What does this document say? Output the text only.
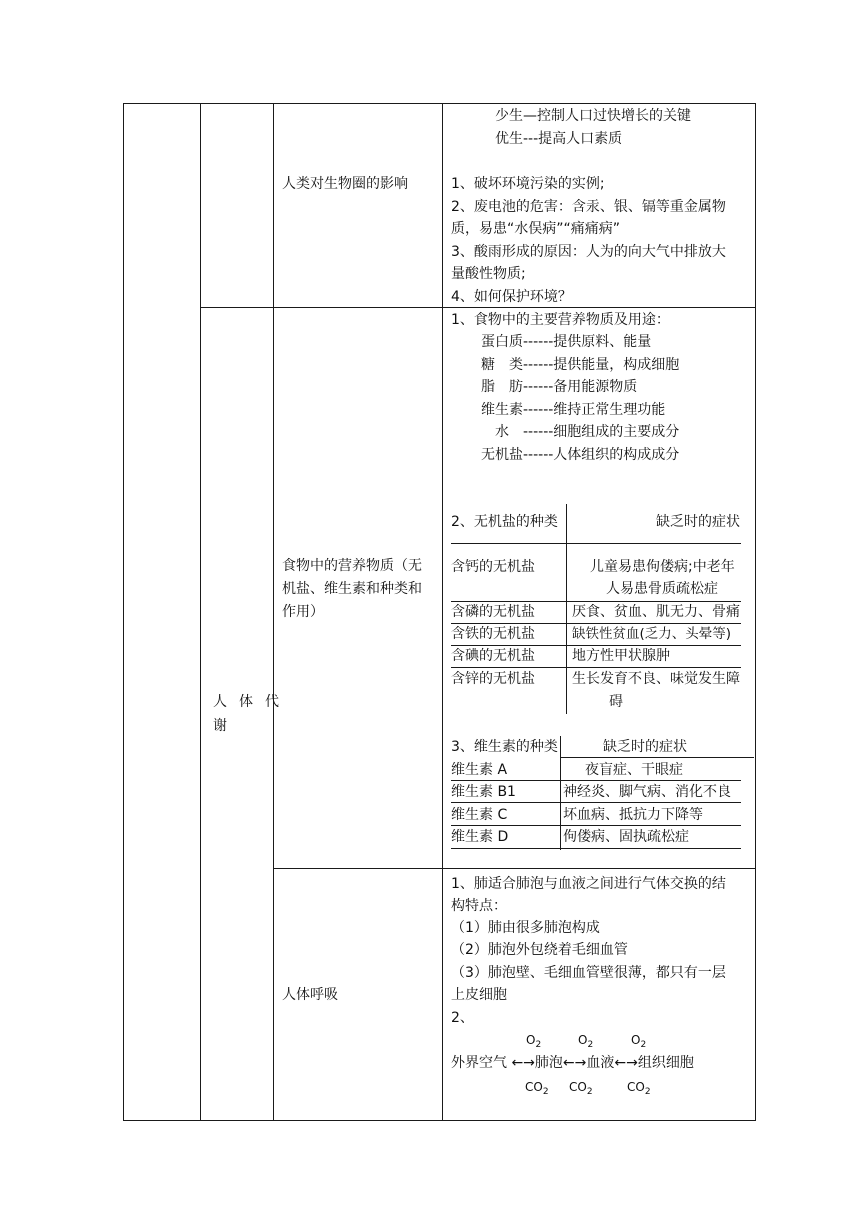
人体代
谢
人类对生物圈的影响
少生—控制人口过快增长的关键
优生---提高人口素质
1、破坏环境污染的实例;
2、废电池的危害：含汞、银、镉等重金属物
质，易患“水俣病”“痛痛病”
3、酸雨形成的原因：人为的向大气中排放大
量酸性物质;
4、如何保护环境？
食物中的营养物质（无
机盐、维生素和种类和
作用）
1、食物中的主要营养物质及用途：
蛋白质------提供原料、能量
糖　类------提供能量，构成细胞
脂　肪------备用能源物质
维生素------维持正常生理功能
水　------细胞组成的主要成分
无机盐------人体组织的构成成分
2、无机盐的种类	缺乏时的症状
含钙的无机盐	儿童易患佝偻病;中老年
人易患骨质疏松症
含磷的无机盐	厌食、贫血、肌无力、骨痛
含铁的无机盐	缺铁性贫血(乏力、头晕等)
含碘的无机盐	地方性甲状腺肿
含锌的无机盐	生长发育不良、味觉发生障
碍
3、维生素的种类	缺乏时的症状
维生素 A	夜盲症、干眼症
维生素 B1	神经炎、脚气病、消化不良
维生素 C	坏血病、抵抗力下降等
维生素 D	佝偻病、固执疏松症
人体呼吸
1、肺适合肺泡与血液之间进行气体交换的结
构特点：
（1）肺由很多肺泡构成
（2）肺泡外包绕着毛细血管
（3）肺泡壁、毛细血管壁很薄，都只有一层
上皮细胞
2、
$O_2$	$O_2$	$O_2$
外界空气 ←→肺泡←→血液←→组织细胞
$CO_2$ $CO_2$	$CO_2$
